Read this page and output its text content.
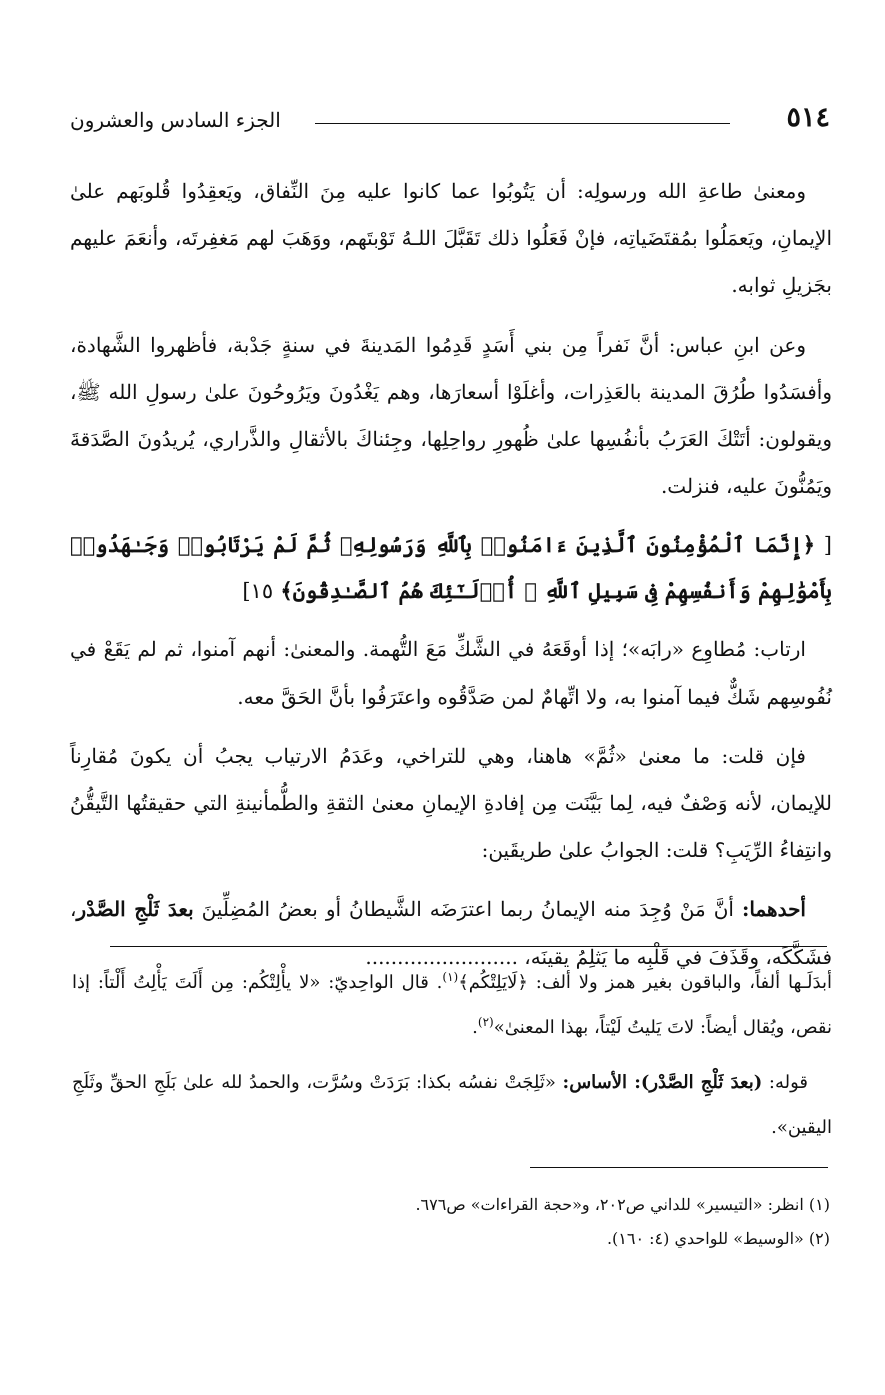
٥١٤
الجزء السادس والعشرون

ومعنىٰ طاعةِ الله ورسولِه: أن يَتُوبُوا عما كانوا عليه مِنَ النِّفاق، ويَعقِدُوا قُلوبَهم علىٰ الإيمانِ، ويَعمَلُوا بمُقتَضَياتِه، فإنْ فَعَلُوا ذلك تَقَبَّلَ اللـهُ تَوْبتَهم، ووَهَبَ لهم مَغفِرتَه، وأنعَمَ عليهم بجَزيلِ ثوابه.

وعن ابنِ عباس: أنَّ نَفراً مِن بني أَسَدٍ قَدِمُوا المَدينةَ في سنةٍ جَدْبة، فأظهروا الشَّهادة، وأفسَدُوا طُرُقَ المدينة بالعَذِرات، وأغلَوْا أسعارَها، وهم يَغْدُونَ ويَرُوحُونَ علىٰ رسولِ الله ﷺ، ويقولون: أتَتْكَ العَرَبُ بأنفُسِها علىٰ ظُهورِ رواحِلِها، وجِئناكَ بالأثقالِ والذَّراري، يُريدُونَ الصَّدَقةَ ويَمُنُّونَ عليه، فنزلت.

[ ﴿إِنَّمَا ٱلْمُؤْمِنُونَ ٱلَّذِينَ ءَامَنُوا۟ بِٱللَّهِ وَرَسُولِهِۦ ثُمَّ لَمْ يَرْتَابُوا۟ وَجَـٰهَدُوا۟ بِأَمْوَٰلِهِمْ وَأَنفُسِهِمْ فِى سَبِيلِ ٱللَّهِ ۚ أُو۟لَـٰٓئِكَ هُمُ ٱلصَّـٰدِقُونَ﴾ ١٥]

ارتاب: مُطاوِع «رابَه»؛ إذا أوقَعَهُ في الشَّكِّ مَعَ التُّهمة. والمعنىٰ: أنهم آمنوا، ثم لم يَقَعْ في نُفُوسِهم شَكٌّ فيما آمنوا به، ولا اتِّهامٌ لمن صَدَّقُوه واعتَرَفُوا بأنَّ الحَقَّ معه.

فإن قلت: ما معنىٰ «ثُمَّ» هاهنا، وهي للتراخي، وعَدَمُ الارتياب يجبُ أن يكونَ مُقارِناً للإيمان، لأنه وَصْفٌ فيه، لِما بَيَّنَت مِن إفادةِ الإيمانِ معنىٰ الثقةِ والطُّمأنينةِ التي حقيقتُها التَّيقُّنُ وانتِفاءُ الرِّيَبِ؟ قلت: الجوابُ علىٰ طريقَين:

أحدهما: أنَّ مَنْ وُجِدَ منه الإيمانُ ربما اعترَضَه الشَّيطانُ أو بعضُ المُضِلِّينَ بعدَ ثَلْجِ الصَّدْر، فشَكَّكَه، وقَذَفَ في قَلْبِه ما يَثلِمُ يقينَه، ........................

أبدَلَـها ألفاً، والباقون بغير همز ولا ألف: ﴿لَايَلِتْكُم﴾$^{(١)}$. قال الواحِديّ: «لا يأْلِتْكُم: مِن أَلَتَ يَأْلِتُ أَلْتاً: إذا نقص، ويُقال أيضاً: لاتَ يَليتُ لَيْتاً، بهذا المعنىٰ»$^{(٢)}$.

قوله: (بعدَ ثَلْجِ الصَّدْر): الأساس: «ثَلِجَتْ نفسُه بكذا: بَرَدَتْ وسُرَّت، والحمدُ لله علىٰ بَلَجِ الحقِّ وثَلَجِ اليقين».

(١) انظر: «التيسير» للداني ص٢٠٢، و«حجة القراءات» ص٦٧٦.
(٢) «الوسيط» للواحدي (٤: ١٦٠).
